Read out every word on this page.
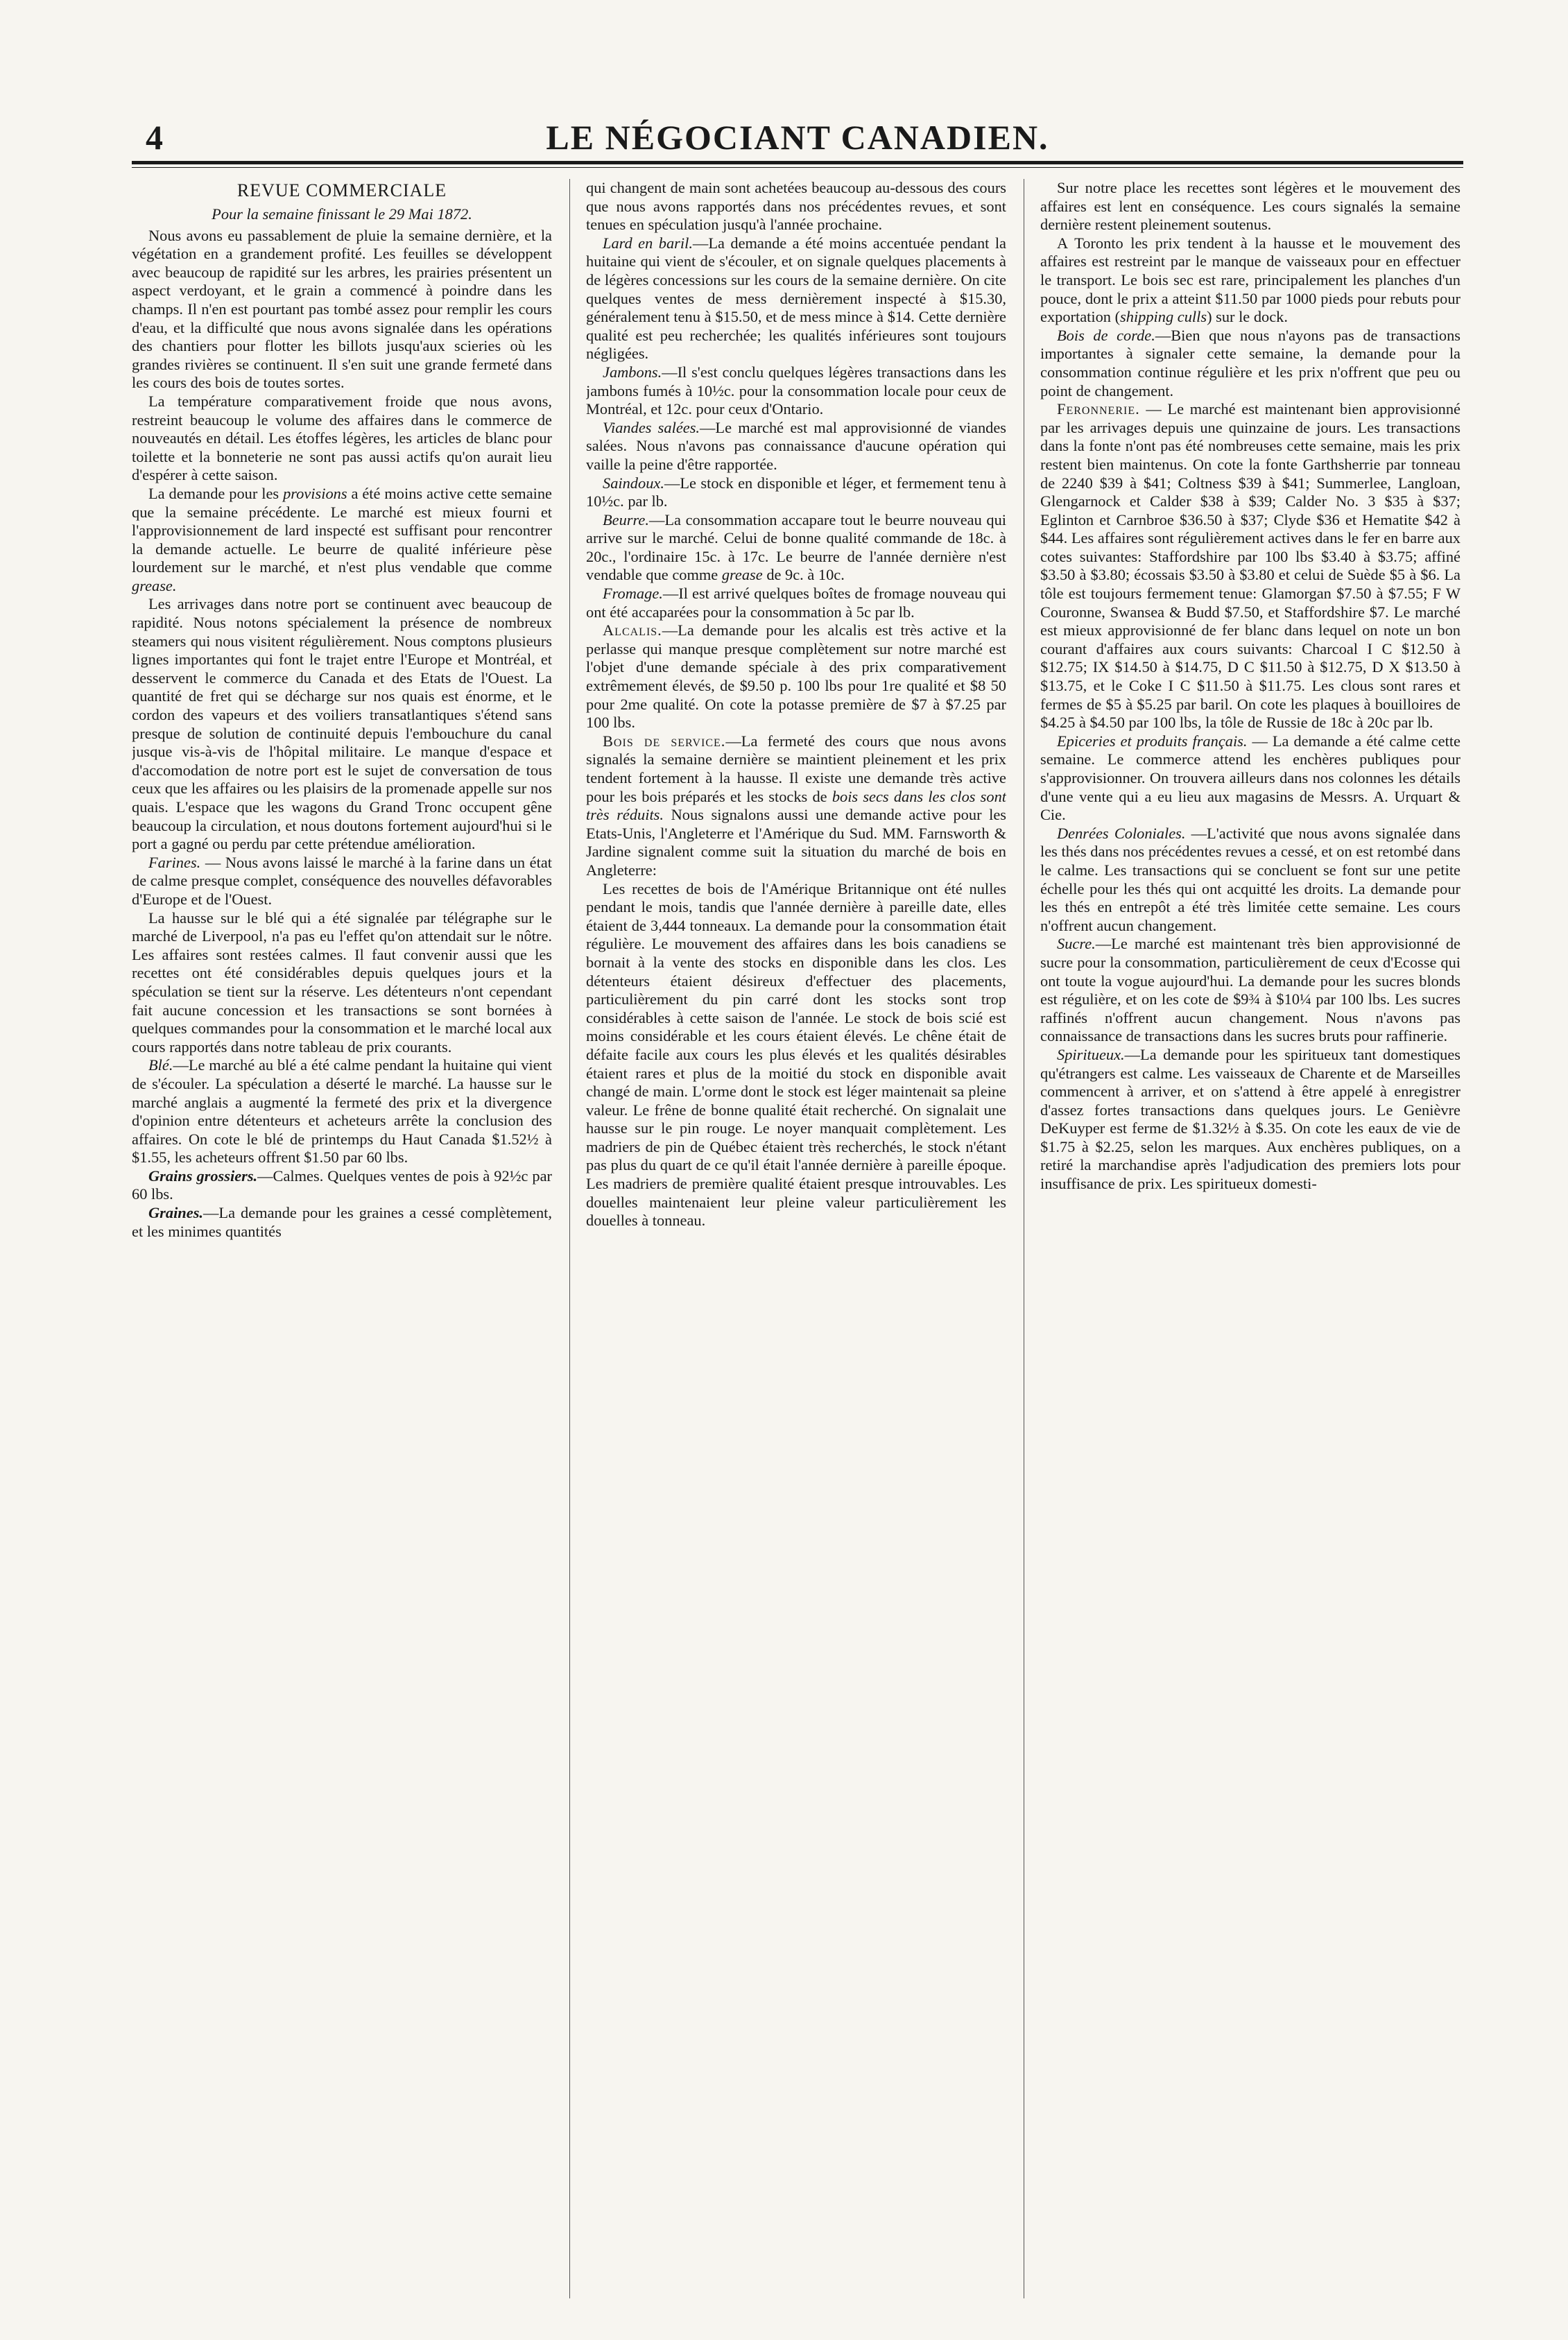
4	LE NÉGOCIANT CANADIEN.
REVUE COMMERCIALE
Pour la semaine finissant le 29 Mai 1872.

Nous avons eu passablement de pluie la semaine dernière, et la végétation en a grandement profité. Les feuilles se développent avec beaucoup de rapidité sur les arbres, les prairies présentent un aspect verdoyant, et le grain a commencé à poindre dans les champs. Il n'en est pourtant pas tombé assez pour remplir les cours d'eau, et la difficulté que nous avons signalée dans les opérations des chantiers pour flotter les billots jusqu'aux scieries où les grandes rivières se continuent. Il s'en suit une grande fermeté dans les cours des bois de toutes sortes.

La température comparativement froide que nous avons, restreint beaucoup le volume des affaires dans le commerce de nouveautés en détail. Les étoffes légères, les articles de blanc pour toilette et la bonneterie ne sont pas aussi actifs qu'on aurait lieu d'espérer à cette saison.

La demande pour les provisions a été moins active cette semaine que la semaine précédente. Le marché est mieux fourni et l'approvisionnement de lard inspecté est suffisant pour rencontrer la demande actuelle. Le beurre de qualité inférieure pèse lourdement sur le marché, et n'est plus vendable que comme grease.

Les arrivages dans notre port se continuent avec beaucoup de rapidité. Nous notons spécialement la présence de nombreux steamers qui nous visitent régulièrement. Nous comptons plusieurs lignes importantes qui font le trajet entre l'Europe et Montréal, et desservent le commerce du Canada et des Etats de l'Ouest. La quantité de fret qui se décharge sur nos quais est énorme, et le cordon des vapeurs et des voiliers transatlantiques s'étend sans presque de solution de continuité depuis l'embouchure du canal jusque vis-à-vis de l'hôpital militaire. Le manque d'espace et d'accomodation de notre port est le sujet de conversation de tous ceux que les affaires ou les plaisirs de la promenade appelle sur nos quais. L'espace que les wagons du Grand Tronc occupent gêne beaucoup la circulation, et nous doutons fortement aujourd'hui si le port a gagné ou perdu par cette prétendue amélioration.

Farines. — Nous avons laissé le marché à la farine dans un état de calme presque complet, conséquence des nouvelles défavorables d'Europe et de l'Ouest.

La hausse sur le blé qui a été signalée par télégraphe sur le marché de Liverpool, n'a pas eu l'effet qu'on attendait sur le nôtre. Les affaires sont restées calmes. Il faut convenir aussi que les recettes ont été considérables depuis quelques jours et la spéculation se tient sur la réserve. Les détenteurs n'ont cependant fait aucune concession et les transactions se sont bornées à quelques commandes pour la consommation et le marché local aux cours rapportés dans notre tableau de prix courants.

Blé.—Le marché au blé a été calme pendant la huitaine qui vient de s'écouler. La spéculation a déserté le marché. La hausse sur le marché anglais a augmenté la fermeté des prix et la divergence d'opinion entre détenteurs et acheteurs arrête la conclusion des affaires. On cote le blé de printemps du Haut Canada $1.52½ à $1.55, les acheteurs offrent $1.50 par 60 lbs.

Grains grossiers.—Calmes. Quelques ventes de pois à 92½c par 60 lbs.

Graines.—La demande pour les graines a cessé complètement, et les minimes quantités

qui changent de main sont achetées beaucoup au-dessous des cours que nous avons rapportés dans nos précédentes revues, et sont tenues en spéculation jusqu'à l'année prochaine.

Lard en baril.—La demande a été moins accentuée pendant la huitaine qui vient de s'écouler, et on signale quelques placements à de légères concessions sur les cours de la semaine dernière. On cite quelques ventes de mess dernièrement inspecté à $15.30, généralement tenu à $15.50, et de mess mince à $14. Cette dernière qualité est peu recherchée; les qualités inférieures sont toujours négligées.

Jambons.—Il s'est conclu quelques légères transactions dans les jambons fumés à 10½c. pour la consommation locale pour ceux de Montréal, et 12c. pour ceux d'Ontario.

Viandes salées.—Le marché est mal approvisionné de viandes salées. Nous n'avons pas connaissance d'aucune opération qui vaille la peine d'être rapportée.

Saindoux.—Le stock en disponible et léger, et fermement tenu à 10½c. par lb.

Beurre.—La consommation accapare tout le beurre nouveau qui arrive sur le marché. Celui de bonne qualité commande de 18c. à 20c., l'ordinaire 15c. à 17c. Le beurre de l'année dernière n'est vendable que comme grease de 9c. à 10c.

Fromage.—Il est arrivé quelques boîtes de fromage nouveau qui ont été accaparées pour la consommation à 5c par lb.

Alcalis.—La demande pour les alcalis est très active et la perlasse qui manque presque complètement sur notre marché est l'objet d'une demande spéciale à des prix comparativement extrêmement élevés, de $9.50 p. 100 lbs pour 1re qualité et $8 50 pour 2me qualité. On cote la potasse première de $7 à $7.25 par 100 lbs.

Bois de service.—La fermeté des cours que nous avons signalés la semaine dernière se maintient pleinement et les prix tendent fortement à la hausse. Il existe une demande très active pour les bois préparés et les stocks de bois secs dans les clos sont très réduits. Nous signalons aussi une demande active pour les Etats-Unis, l'Angleterre et l'Amérique du Sud. MM. Farnsworth & Jardine signalent comme suit la situation du marché de bois en Angleterre:

Les recettes de bois de l'Amérique Britannique ont été nulles pendant le mois, tandis que l'année dernière à pareille date, elles étaient de 3,444 tonneaux. La demande pour la consommation était régulière. Le mouvement des affaires dans les bois canadiens se bornait à la vente des stocks en disponible dans les clos. Les détenteurs étaient désireux d'effectuer des placements, particulièrement du pin carré dont les stocks sont trop considérables à cette saison de l'année. Le stock de bois scié est moins considérable et les cours étaient élevés. Le chêne était de défaite facile aux cours les plus élevés et les qualités désirables étaient rares et plus de la moitié du stock en disponible avait changé de main. L'orme dont le stock est léger maintenait sa pleine valeur. Le frêne de bonne qualité était recherché. On signalait une hausse sur le pin rouge. Le noyer manquait complètement. Les madriers de pin de Québec étaient très recherchés, le stock n'étant pas plus du quart de ce qu'il était l'année dernière à pareille époque. Les madriers de première qualité étaient presque introuvables. Les douelles maintenaient leur pleine valeur particulièrement les douelles à tonneau.

Sur notre place les recettes sont légères et le mouvement des affaires est lent en conséquence. Les cours signalés la semaine dernière restent pleinement soutenus.

A Toronto les prix tendent à la hausse et le mouvement des affaires est restreint par le manque de vaisseaux pour en effectuer le transport. Le bois sec est rare, principalement les planches d'un pouce, dont le prix a atteint $11.50 par 1000 pieds pour rebuts pour exportation (shipping culls) sur le dock.

Bois de corde.—Bien que nous n'ayons pas de transactions importantes à signaler cette semaine, la demande pour la consommation continue régulière et les prix n'offrent que peu ou point de changement.

Feronnerie. — Le marché est maintenant bien approvisionné par les arrivages depuis une quinzaine de jours. Les transactions dans la fonte n'ont pas été nombreuses cette semaine, mais les prix restent bien maintenus. On cote la fonte Garthsherrie par tonneau de 2240 $39 à $41; Coltness $39 à $41; Summerlee, Langloan, Glengarnock et Calder $38 à $39; Calder No. 3 $35 à $37; Eglinton et Carnbroe $36.50 à $37; Clyde $36 et Hematite $42 à $44. Les affaires sont régulièrement actives dans le fer en barre aux cotes suivantes: Staffordshire par 100 lbs $3.40 à $3.75; affiné $3.50 à $3.80; écossais $3.50 à $3.80 et celui de Suède $5 à $6. La tôle est toujours fermement tenue: Glamorgan $7.50 à $7.55; F W Couronne, Swansea & Budd $7.50, et Staffordshire $7. Le marché est mieux approvisionné de fer blanc dans lequel on note un bon courant d'affaires aux cours suivants: Charcoal I C $12.50 à $12.75; IX $14.50 à $14.75, D C $11.50 à $12.75, D X $13.50 à $13.75, et le Coke I C $11.50 à $11.75. Les clous sont rares et fermes de $5 à $5.25 par baril. On cote les plaques à bouilloires de $4.25 à $4.50 par 100 lbs, la tôle de Russie de 18c à 20c par lb.

Epiceries et produits français. — La demande a été calme cette semaine. Le commerce attend les enchères publiques pour s'approvisionner. On trouvera ailleurs dans nos colonnes les détails d'une vente qui a eu lieu aux magasins de Messrs. A. Urquart & Cie.

Denrées Coloniales. —L'activité que nous avons signalée dans les thés dans nos précédentes revues a cessé, et on est retombé dans le calme. Les transactions qui se concluent se font sur une petite échelle pour les thés qui ont acquitté les droits. La demande pour les thés en entrepôt a été très limitée cette semaine. Les cours n'offrent aucun changement.

Sucre.—Le marché est maintenant très bien approvisionné de sucre pour la consommation, particulièrement de ceux d'Ecosse qui ont toute la vogue aujourd'hui. La demande pour les sucres blonds est régulière, et on les cote de $9¾ à $10¼ par 100 lbs. Les sucres raffinés n'offrent aucun changement. Nous n'avons pas connaissance de transactions dans les sucres bruts pour raffinerie.

Spiritueux.—La demande pour les spiritueux tant domestiques qu'étrangers est calme. Les vaisseaux de Charente et de Marseilles commencent à arriver, et on s'attend à être appelé à enregistrer d'assez fortes transactions dans quelques jours. Le Genièvre DeKuyper est ferme de $1.32½ à $.35. On cote les eaux de vie de $1.75 à $2.25, selon les marques. Aux enchères publiques, on a retiré la marchandise après l'adjudication des premiers lots pour insuffisance de prix. Les spiritueux domesti-
